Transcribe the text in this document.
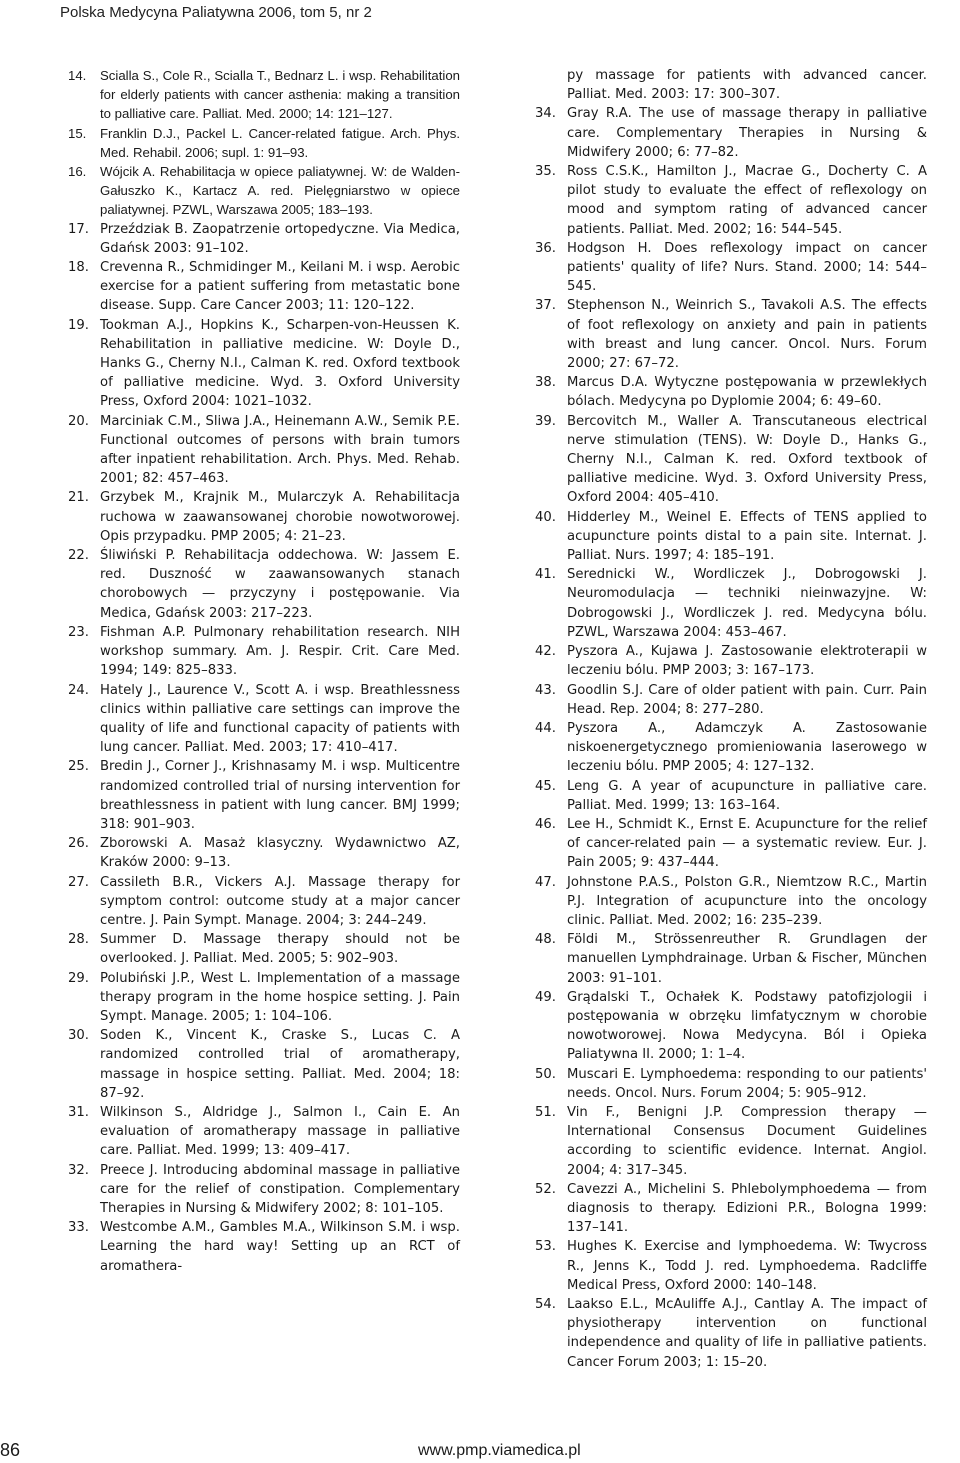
Polska Medycyna Paliatywna 2006, tom 5, nr 2
14.	Scialla S., Cole R., Scialla T., Bednarz L. i wsp. Rehabilitation for elderly patients with cancer asthenia: making a transition to palliative care. Palliat. Med. 2000; 14: 121–127.
15.	Franklin D.J., Packel L. Cancer-related fatigue. Arch. Phys. Med. Rehabil. 2006; supl. 1: 91–93.
16.	Wójcik A. Rehabilitacja w opiece paliatywnej. W: de Walden-Gałuszko K., Kartacz A. red. Pielęgniarstwo w opiece paliatywnej. PZWL, Warszawa 2005; 183–193.
17. Przeździak B. Zaopatrzenie ortopedyczne. Via Medica, Gdańsk 2003: 91–102.
18. Crevenna R., Schmidinger M., Keilani M. i wsp. Aerobic exercise for a patient suffering from metastatic bone disease. Supp. Care Cancer 2003; 11: 120–122.
19. Tookman A.J., Hopkins K., Scharpen-von-Heussen K. Rehabilitation in palliative medicine. W: Doyle D., Hanks G., Cherny N.I., Calman K. red. Oxford textbook of palliative medicine. Wyd. 3. Oxford University Press, Oxford 2004: 1021–1032.
20. Marciniak C.M., Sliwa J.A., Heinemann A.W., Semik P.E. Functional outcomes of persons with brain tumors after inpatient rehabilitation. Arch. Phys. Med. Rehab. 2001; 82: 457–463.
21. Grzybek M., Krajnik M., Mularczyk A. Rehabilitacja ruchowa w zaawansowanej chorobie nowotworowej. Opis przypadku. PMP 2005; 4: 21–23.
22. Śliwiński P. Rehabilitacja oddechowa. W: Jassem E. red. Duszność w zaawansowanych stanach chorobowych — przyczyny i postępowanie. Via Medica, Gdańsk 2003: 217–223.
23. Fishman A.P. Pulmonary rehabilitation research. NIH workshop summary. Am. J. Respir. Crit. Care Med. 1994; 149: 825–833.
24. Hately J., Laurence V., Scott A. i wsp. Breathlessness clinics within palliative care settings can improve the quality of life and functional capacity of patients with lung cancer. Palliat. Med. 2003; 17: 410–417.
25. Bredin J., Corner J., Krishnasamy M. i wsp. Multicentre randomized controlled trial of nursing intervention for breathlessness in patient with lung cancer. BMJ 1999; 318: 901–903.
26. Zborowski A. Masaż klasyczny. Wydawnictwo AZ, Kraków 2000: 9–13.
27. Cassileth B.R., Vickers A.J. Massage therapy for symptom control: outcome study at a major cancer centre. J. Pain Sympt. Manage. 2004; 3: 244–249.
28. Summer D. Massage therapy should not be overlooked. J. Palliat. Med. 2005; 5: 902–903.
29. Polubiński J.P., West L. Implementation of a massage therapy program in the home hospice setting. J. Pain Sympt. Manage. 2005; 1: 104–106.
30. Soden K., Vincent K., Craske S., Lucas C. A randomized controlled trial of aromatherapy, massage in hospice setting. Palliat. Med. 2004; 18: 87–92.
31. Wilkinson S., Aldridge J., Salmon I., Cain E. An evaluation of aromatherapy massage in palliative care. Palliat. Med. 1999; 13: 409–417.
32. Preece J. Introducing abdominal massage in palliative care for the relief of constipation. Complementary Therapies in Nursing & Midwifery 2002; 8: 101–105.
33. Westcombe A.M., Gambles M.A., Wilkinson S.M. i wsp. Learning the hard way! Setting up an RCT of aromathera-
py massage for patients with advanced cancer. Palliat. Med. 2003: 17: 300–307.
34. Gray R.A. The use of massage therapy in palliative care. Complementary Therapies in Nursing & Midwifery 2000; 6: 77–82.
35. Ross C.S.K., Hamilton J., Macrae G., Docherty C. A pilot study to evaluate the effect of reflexology on mood and symptom rating of advanced cancer patients. Palliat. Med. 2002; 16: 544–545.
36. Hodgson H. Does reflexology impact on cancer patients' quality of life? Nurs. Stand. 2000; 14: 544–545.
37. Stephenson N., Weinrich S., Tavakoli A.S. The effects of foot reflexology on anxiety and pain in patients with breast and lung cancer. Oncol. Nurs. Forum 2000; 27: 67–72.
38. Marcus D.A. Wytyczne postępowania w przewlekłych bólach. Medycyna po Dyplomie 2004; 6: 49–60.
39. Bercovitch M., Waller A. Transcutaneous electrical nerve stimulation (TENS). W: Doyle D., Hanks G., Cherny N.I., Calman K. red. Oxford textbook of palliative medicine. Wyd. 3. Oxford University Press, Oxford 2004: 405–410.
40. Hidderley M., Weinel E. Effects of TENS applied to acupuncture points distal to a pain site. Internat. J. Palliat. Nurs. 1997; 4: 185–191.
41. Serednicki W., Wordliczek J., Dobrogowski J. Neuromodulacja — techniki nieinwazyjne. W: Dobrogowski J., Wordliczek J. red. Medycyna bólu. PZWL, Warszawa 2004: 453–467.
42. Pyszora A., Kujawa J. Zastosowanie elektroterapii w leczeniu bólu. PMP 2003; 3: 167–173.
43. Goodlin S.J. Care of older patient with pain. Curr. Pain Head. Rep. 2004; 8: 277–280.
44. Pyszora A., Adamczyk A. Zastosowanie niskoenergetycznego promieniowania laserowego w leczeniu bólu. PMP 2005; 4: 127–132.
45. Leng G. A year of acupuncture in palliative care. Palliat. Med. 1999; 13: 163–164.
46. Lee H., Schmidt K., Ernst E. Acupuncture for the relief of cancer-related pain — a systematic review. Eur. J. Pain 2005; 9: 437–444.
47. Johnstone P.A.S., Polston G.R., Niemtzow R.C., Martin P.J. Integration of acupuncture into the oncology clinic. Palliat. Med. 2002; 16: 235–239.
48. Földi M., Strössenreuther R. Grundlagen der manuellen Lymphdrainage. Urban & Fischer, München 2003: 91–101.
49. Grądalski T., Ochałek K. Podstawy patofizjologii i postępowania w obrzęku limfatycznym w chorobie nowotworowej. Nowa Medycyna. Ból i Opieka Paliatywna II. 2000; 1: 1–4.
50. Muscari E. Lymphoedema: responding to our patients' needs. Oncol. Nurs. Forum 2004; 5: 905–912.
51. Vin F., Benigni J.P. Compression therapy — International Consensus Document Guidelines according to scientific evidence. Internat. Angiol. 2004; 4: 317–345.
52. Cavezzi A., Michelini S. Phlebolymphoedema — from diagnosis to therapy. Edizioni P.R., Bologna 1999: 137–141.
53. Hughes K. Exercise and lymphoedema. W: Twycross R., Jenns K., Todd J. red. Lymphoedema. Radcliffe Medical Press, Oxford 2000: 140–148.
54. Laakso E.L., McAuliffe A.J., Cantlay A. The impact of physiotherapy intervention on functional independence and quality of life in palliative patients. Cancer Forum 2003; 1: 15–20.
86	www.pmp.viamedica.pl
